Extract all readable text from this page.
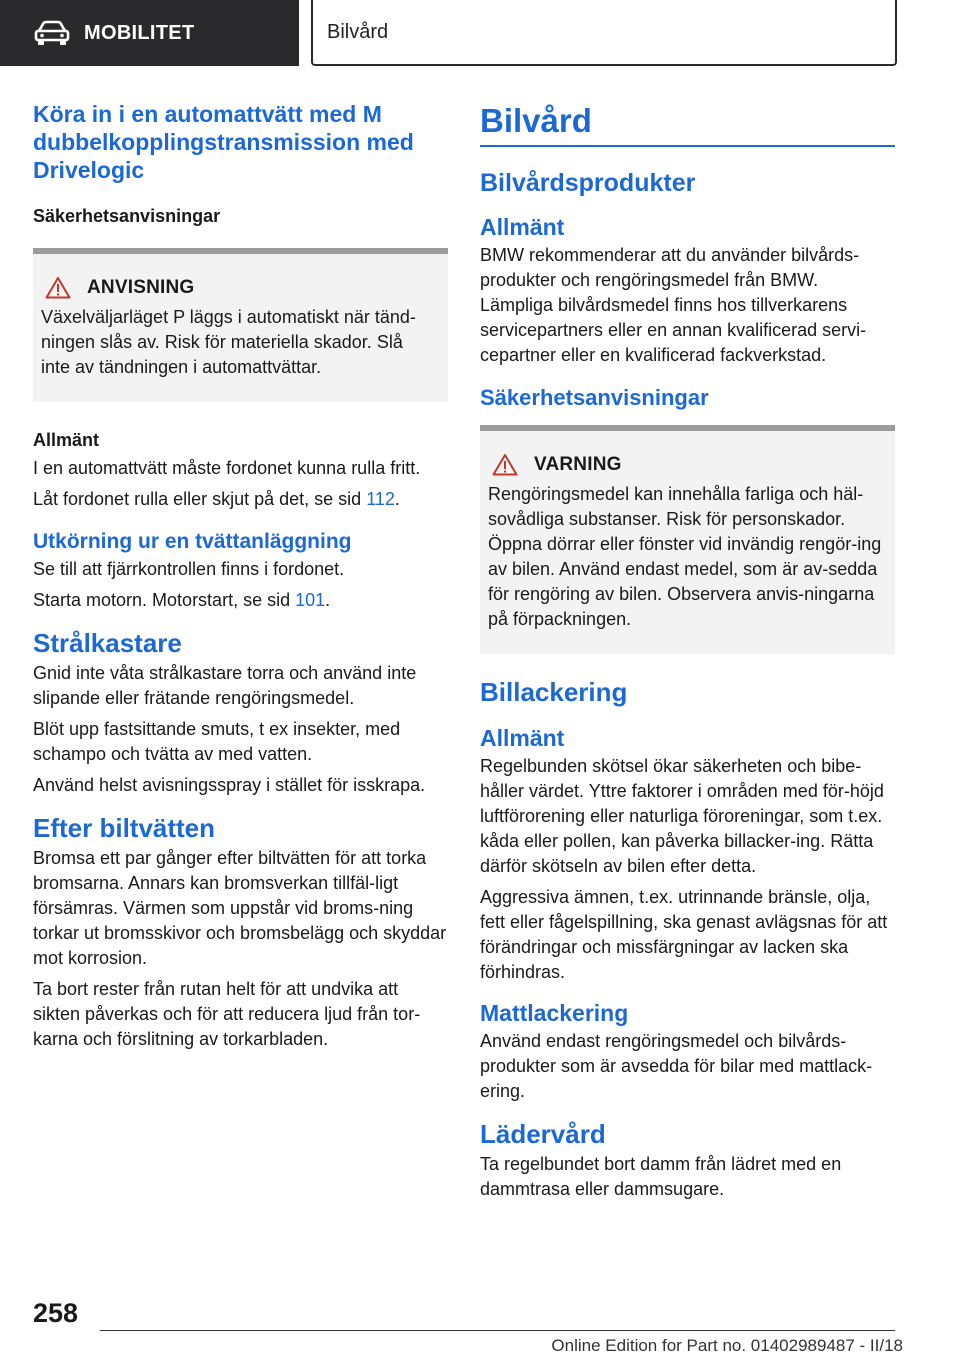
MOBILITET	Bilvård
Köra in i en automattvätt med M dubbelkopplingstransmission med Drivelogic
Säkerhetsanvisningar
ANVISNING

Växelväljarläget P läggs i automatiskt när tänd-ningen slås av. Risk för materiella skador. Slå inte av tändningen i automattvättar.

Allmänt

I en automattvätt måste fordonet kunna rulla fritt.

Låt fordonet rulla eller skjut på det, se sid 112.

Utkörning ur en tvättanläggning

Se till att fjärrkontrollen finns i fordonet.

Starta motorn. Motorstart, se sid 101.

Strålkastare

Gnid inte våta strålkastare torra och använd inte slipande eller frätande rengöringsmedel.

Blöt upp fastsittande smuts, t ex insekter, med schampo och tvätta av med vatten.

Använd helst avisningsspray i stället för isskrapa.

Efter biltvätten

Bromsa ett par gånger efter biltvätten för att torka bromsarna. Annars kan bromsverkan tillfäl-ligt försämras. Värmen som uppstår vid broms-ning torkar ut bromsskivor och bromsbelägg och skyddar mot korrosion.

Ta bort rester från rutan helt för att undvika att sikten påverkas och för att reducera ljud från tor-karna och förslitning av torkarbladen.

Bilvård
Bilvårdsprodukter
Allmänt

BMW rekommenderar att du använder bilvårds-produkter och rengöringsmedel från BMW. Lämpliga bilvårdsmedel finns hos tillverkarens servicepartners eller en annan kvalificerad servi-cepartner eller en kvalificerad fackverkstad.

Säkerhetsanvisningar
VARNING

Rengöringsmedel kan innehålla farliga och häl-sovådliga substanser. Risk för personskador. Öppna dörrar eller fönster vid invändig rengör-ing av bilen. Använd endast medel, som är av-sedda för rengöring av bilen. Observera anvis-ningarna på förpackningen.

Billackering
Allmänt

Regelbunden skötsel ökar säkerheten och bibe-håller värdet. Yttre faktorer i områden med för-höjd luftförorening eller naturliga föroreningar, som t.ex. kåda eller pollen, kan påverka billacker-ing. Rätta därför skötseln av bilen efter detta.

Aggressiva ämnen, t.ex. utrinnande bränsle, olja, fett eller fågelspillning, ska genast avlägsnas för att förändringar och missfärgningar av lacken ska förhindras.

Mattlackering

Använd endast rengöringsmedel och bilvårds-produkter som är avsedda för bilar med mattlack-ering.

Lädervård

Ta regelbundet bort damm från lädret med en dammtrasa eller dammsugare.

258
Online Edition for Part no. 01402989487 - II/18
